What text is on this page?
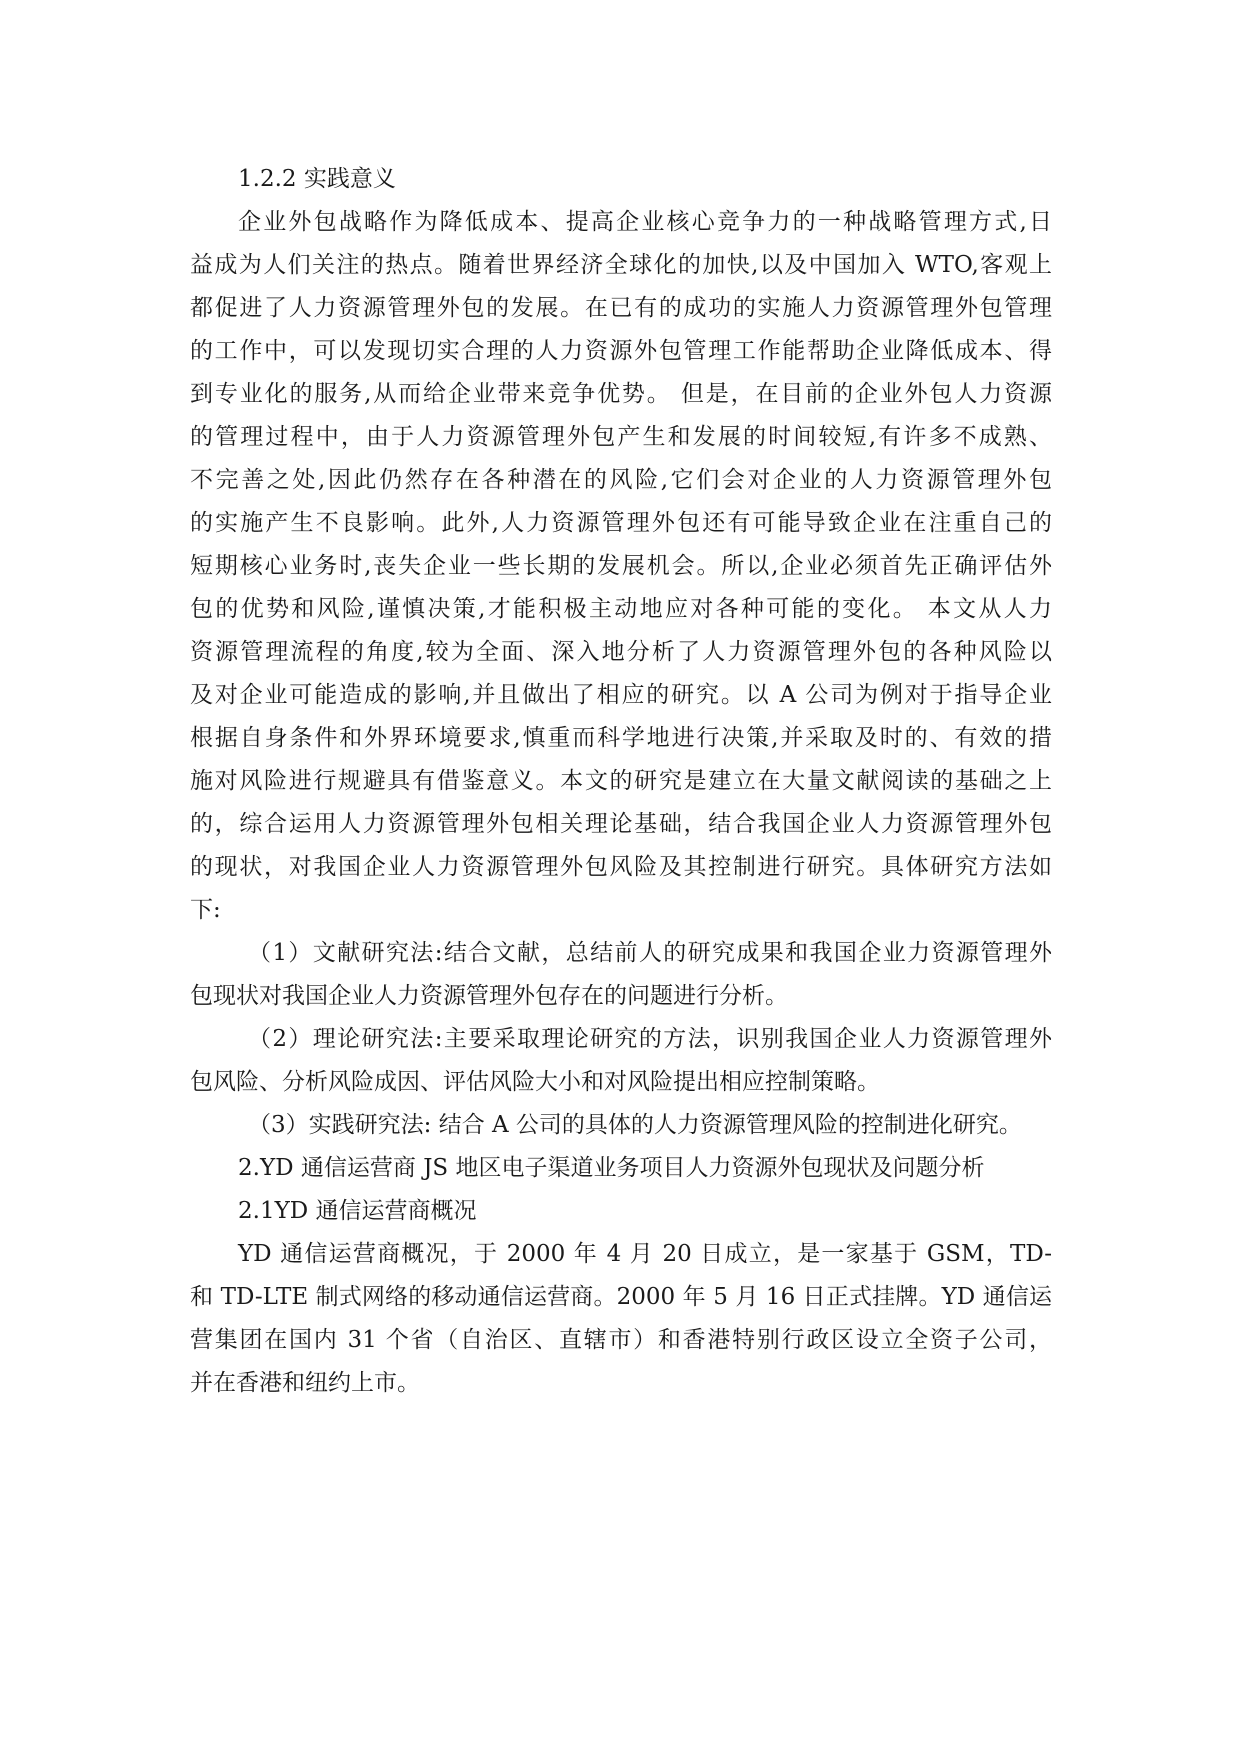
1.2.2 实践意义
企业外包战略作为降低成本、提高企业核心竞争力的一种战略管理方式,日
益成为人们关注的热点。随着世界经济全球化的加快,以及中国加入 WTO,客观上
都促进了人力资源管理外包的发展。在已有的成功的实施人力资源管理外包管理
的工作中，可以发现切实合理的人力资源外包管理工作能帮助企业降低成本、得
到专业化的服务,从而给企业带来竞争优势。 但是，在目前的企业外包人力资源
的管理过程中，由于人力资源管理外包产生和发展的时间较短,有许多不成熟、
不完善之处,因此仍然存在各种潜在的风险,它们会对企业的人力资源管理外包
的实施产生不良影响。此外,人力资源管理外包还有可能导致企业在注重自己的
短期核心业务时,丧失企业一些长期的发展机会。所以,企业必须首先正确评估外
包的优势和风险,谨慎决策,才能积极主动地应对各种可能的变化。 本文从人力
资源管理流程的角度,较为全面、深入地分析了人力资源管理外包的各种风险以
及对企业可能造成的影响,并且做出了相应的研究。以 A 公司为例对于指导企业
根据自身条件和外界环境要求,慎重而科学地进行决策,并采取及时的、有效的措
施对风险进行规避具有借鉴意义。本文的研究是建立在大量文献阅读的基础之上
的，综合运用人力资源管理外包相关理论基础，结合我国企业人力资源管理外包
的现状，对我国企业人力资源管理外包风险及其控制进行研究。具体研究方法如
下:
（1）文献研究法:结合文献，总结前人的研究成果和我国企业力资源管理外
包现状对我国企业人力资源管理外包存在的问题进行分析。
（2）理论研究法:主要采取理论研究的方法，识别我国企业人力资源管理外
包风险、分析风险成因、评估风险大小和对风险提出相应控制策略。
（3）实践研究法: 结合 A 公司的具体的人力资源管理风险的控制进化研究。
2.YD 通信运营商 JS 地区电子渠道业务项目人力资源外包现状及问题分析
2.1YD 通信运营商概况
YD 通信运营商概况，于 2000 年 4 月 20 日成立，是一家基于 GSM，TD-
和 TD-LTE 制式网络的移动通信运营商。2000 年 5 月 16 日正式挂牌。YD 通信运
营集团在国内 31 个省（自治区、直辖市）和香港特别行政区设立全资子公司，
并在香港和纽约上市。
